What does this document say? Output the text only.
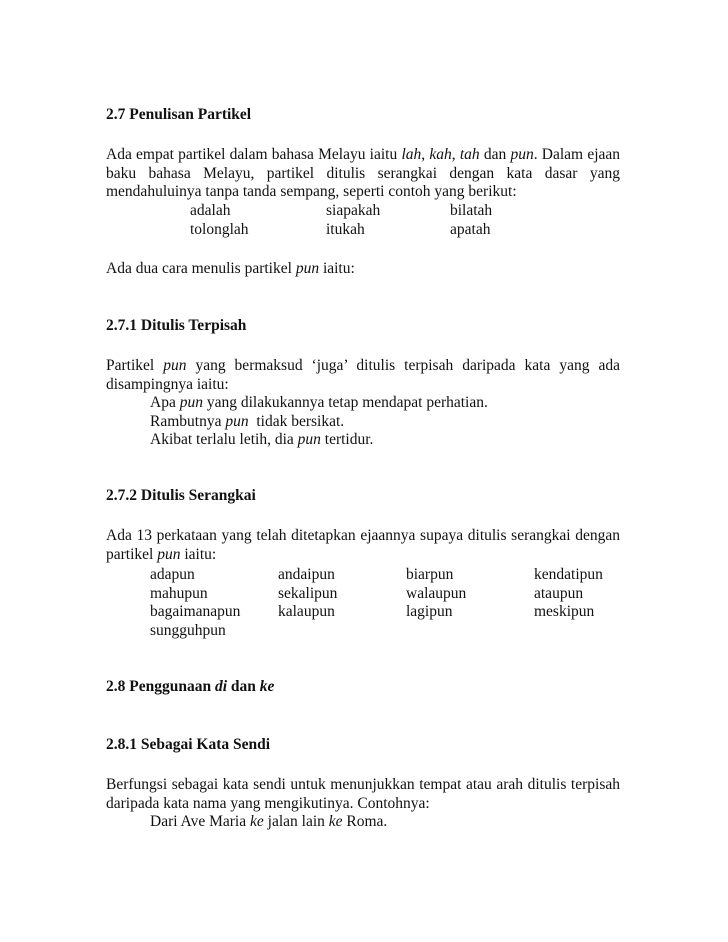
2.7 Penulisan Partikel
Ada empat partikel dalam bahasa Melayu iaitu lah, kah, tah dan pun. Dalam ejaan baku bahasa Melayu, partikel ditulis serangkai dengan kata dasar yang mendahuluinya tanpa tanda sempang, seperti contoh yang berikut:
adalah	siapakah	bilatah
tolonglah	itukah	apatah
Ada dua cara menulis partikel pun iaitu:
2.7.1 Ditulis Terpisah
Partikel pun yang bermaksud ‘juga’ ditulis terpisah daripada kata yang ada disampingnya iaitu:
Apa pun yang dilakukannya tetap mendapat perhatian.
Rambutnya pun  tidak bersikat.
Akibat terlalu letih, dia pun tertidur.
2.7.2 Ditulis Serangkai
Ada 13 perkataan yang telah ditetapkan ejaannya supaya ditulis serangkai dengan partikel pun iaitu:
adapun	andaipun	biarpun	kendatipun
mahupun	sekalipun	walaupun	ataupun
bagaimanapun	kalaupun	lagipun	meskipun
sungguhpun
2.8 Penggunaan di dan ke
2.8.1 Sebagai Kata Sendi
Berfungsi sebagai kata sendi untuk menunjukkan tempat atau arah ditulis terpisah daripada kata nama yang mengikutinya. Contohnya:
Dari Ave Maria ke jalan lain ke Roma.
